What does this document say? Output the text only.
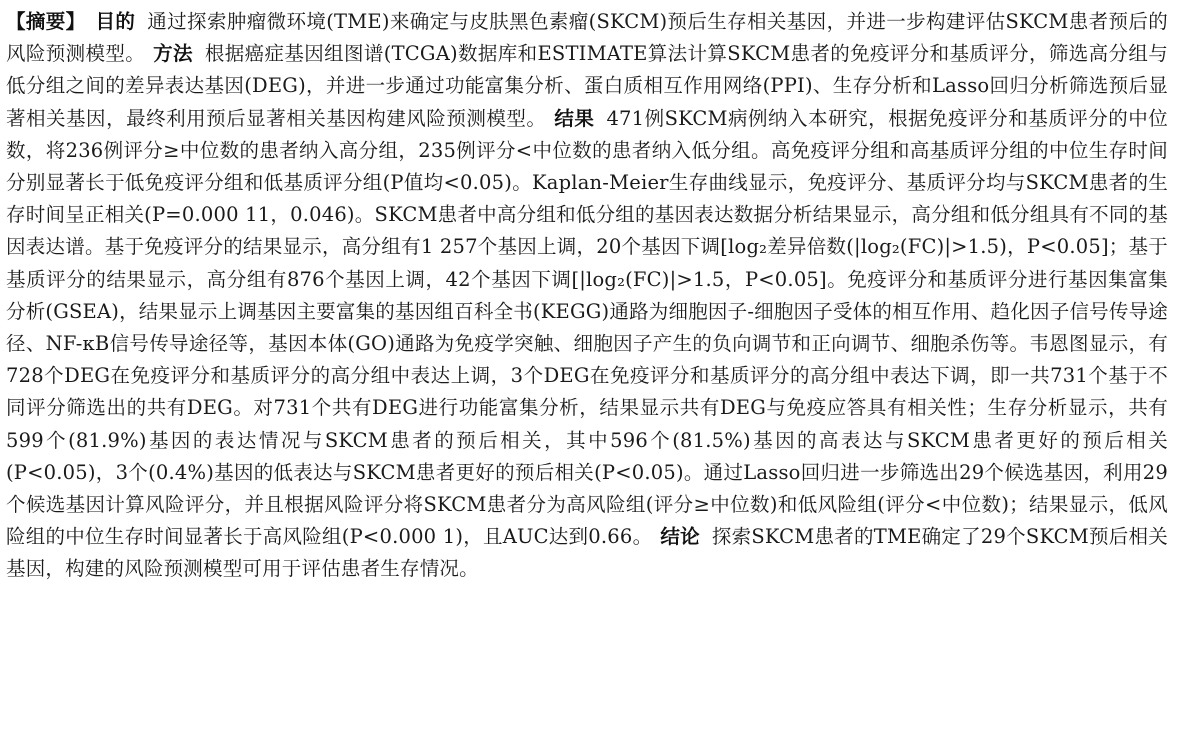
【摘要】 目的 通过探索肿瘤微环境(TME)来确定与皮肤黑色素瘤(SKCM)预后生存相关基因，并进一步构建评估SKCM患者预后的风险预测模型。 方法 根据癌症基因组图谱(TCGA)数据库和ESTIMATE算法计算SKCM患者的免疫评分和基质评分，筛选高分组与低分组之间的差异表达基因(DEG)，并进一步通过功能富集分析、蛋白质相互作用网络(PPI)、生存分析和Lasso回归分析筛选预后显著相关基因，最终利用预后显著相关基因构建风险预测模型。 结果 471例SKCM病例纳入本研究，根据免疫评分和基质评分的中位数，将236例评分≥中位数的患者纳入高分组，235例评分<中位数的患者纳入低分组。高免疫评分组和高基质评分组的中位生存时间分别显著长于低免疫评分组和低基质评分组(P值均<0.05)。Kaplan-Meier生存曲线显示，免疫评分、基质评分均与SKCM患者的生存时间呈正相关(P=0.000 11，0.046)。SKCM患者中高分组和低分组的基因表达数据分析结果显示，高分组和低分组具有不同的基因表达谱。基于免疫评分的结果显示，高分组有1 257个基因上调，20个基因下调[log₂差异倍数(|log₂(FC)|>1.5)，P<0.05]；基于基质评分的结果显示，高分组有876个基因上调，42个基因下调[|log₂(FC)|>1.5，P<0.05]。免疫评分和基质评分进行基因集富集分析(GSEA)，结果显示上调基因主要富集的基因组百科全书(KEGG)通路为细胞因子-细胞因子受体的相互作用、趋化因子信号传导途径、NF-κB信号传导途径等，基因本体(GO)通路为免疫学突触、细胞因子产生的负向调节和正向调节、细胞杀伤等。韦恩图显示，有728个DEG在免疫评分和基质评分的高分组中表达上调，3个DEG在免疫评分和基质评分的高分组中表达下调，即一共731个基于不同评分筛选出的共有DEG。对731个共有DEG进行功能富集分析，结果显示共有DEG与免疫应答具有相关性；生存分析显示，共有599个(81.9%)基因的表达情况与SKCM患者的预后相关，其中596个(81.5%)基因的高表达与SKCM患者更好的预后相关(P<0.05)，3个(0.4%)基因的低表达与SKCM患者更好的预后相关(P<0.05)。通过Lasso回归进一步筛选出29个候选基因，利用29个候选基因计算风险评分，并且根据风险评分将SKCM患者分为高风险组(评分≥中位数)和低风险组(评分<中位数)；结果显示，低风险组的中位生存时间显著长于高风险组(P<0.000 1)，且AUC达到0.66。 结论 探索SKCM患者的TME确定了29个SKCM预后相关基因，构建的风险预测模型可用于评估患者生存情况。
